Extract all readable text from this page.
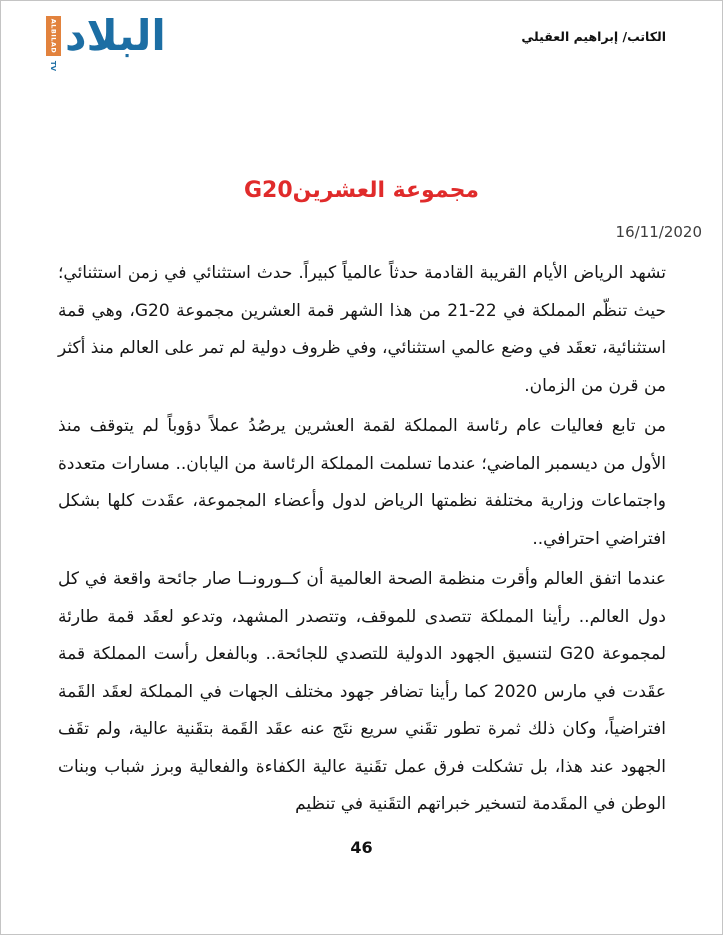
ALBILAD
TV
البلاد	الكاتب/ إبراهيم العقيلي
مجموعة العشرينG20
16/11/2020

تشهد الرياض الأيام القريبة القادمة حدثاً عالمياً كبيراً. حدث استثنائي في زمن استثنائي؛ حيث تنظّم المملكة في 22-21 من هذا الشهر قمة العشرين مجموعة G20، وهي قمة استثنائية، تعقَد في وضع عالمي استثنائي، وفي ظروف دولية لم تمر على العالم منذ أكثر من قرن من الزمان.

من تابع فعاليات عام رئاسة المملكة لقمة العشرين يرصُدُ عملاً دؤوباً لم يتوقف منذ الأول من ديسمبر الماضي؛ عندما تسلمت المملكة الرئاسة من اليابان.. مسارات متعددة واجتماعات وزارية مختلفة نظمتها الرياض لدول وأعضاء المجموعة، عقَدت كلها بشكل افتراضي احترافي..

عندما اتفق العالم وأقرت منظمة الصحة العالمية أن كــورونــا صار جائحة واقعة في كل دول العالم.. رأينا المملكة تتصدى للموقف، وتتصدر المشهد، وتدعو لعقَد قمة طارئة لمجموعة G20 لتنسيق الجهود الدولية للتصدي للجائحة.. وبالفعل رأست المملكة قمة عقَدت في مارس 2020 كما رأينا تضافر جهود مختلف الجهات في المملكة لعقَد القَمة افتراضياً، وكان ذلك ثمرة تطور تقَني سريع نتَج عنه عقَد القَمة بتقَنية عالية، ولم تقَف الجهود عند هذا، بل تشكلت فرق عمل تقَنية عالية الكفاءة والفعالية وبرز شباب وبنات الوطن في المقَدمة لتسخير خبراتهم التقَنية في تنظيم

46
